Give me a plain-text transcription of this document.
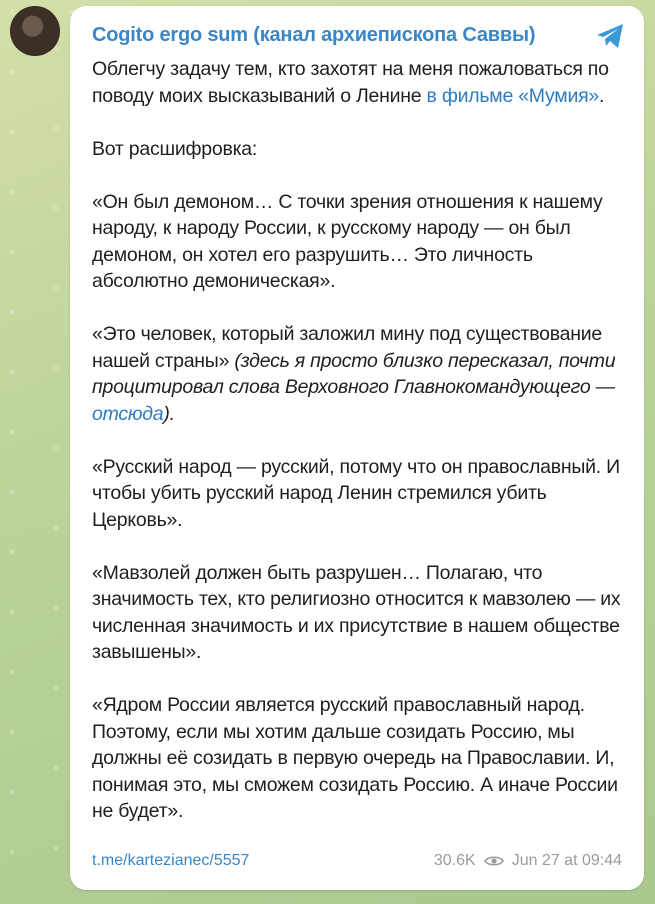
Cogito ergo sum (канал архиепископа Саввы)

Облегчу задачу тем, кто захотят на меня пожаловаться по поводу моих высказываний о Ленине в фильме «Мумия».

Вот расшифровка:

«Он был демоном… С точки зрения отношения к нашему народу, к народу России, к русскому народу — он был демоном, он хотел его разрушить… Это личность абсолютно демоническая».

«Это человек, который заложил мину под существование нашей страны» (здесь я просто близко пересказал, почти процитировал слова Верховного Главнокомандующего — отсюда).

«Русский народ — русский, потому что он православный. И чтобы убить русский народ Ленин стремился убить Церковь».

«Мавзолей должен быть разрушен… Полагаю, что значимость тех, кто религиозно относится к мавзолею — их численная значимость и их присутствие в нашем обществе завышены».

«Ядром России является русский православный народ. Поэтому, если мы хотим дальше созидать Россию, мы должны её созидать в первую очередь на Православии. И, понимая это, мы сможем созидать Россию. А иначе России не будет».

t.me/kartezianec/5557	30.6K Jun 27 at 09:44
